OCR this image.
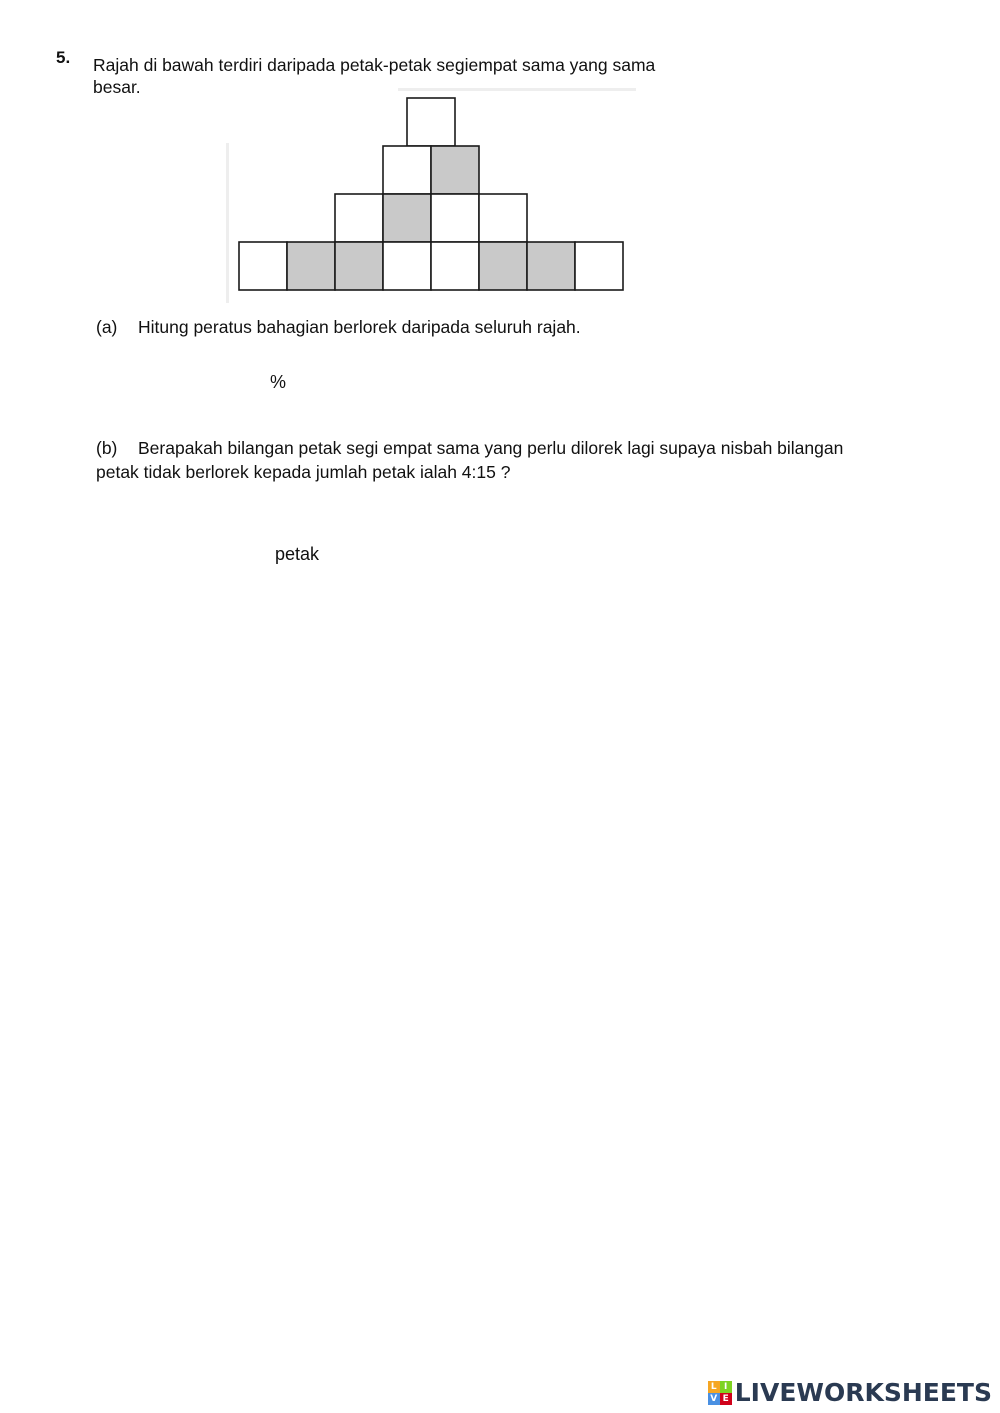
5. Rajah di bawah terdiri daripada petak-petak segiempat sama yang sama
besar.
(a) Hitung peratus bahagian berlorek daripada seluruh rajah.
%
(b) Berapakah bilangan petak segi empat sama yang perlu dilorek lagi supaya nisbah bilangan
petak tidak berlorek kepada jumlah petak ialah 4:15 ?
petak
L I
V E LIVEWORKSHEETS
